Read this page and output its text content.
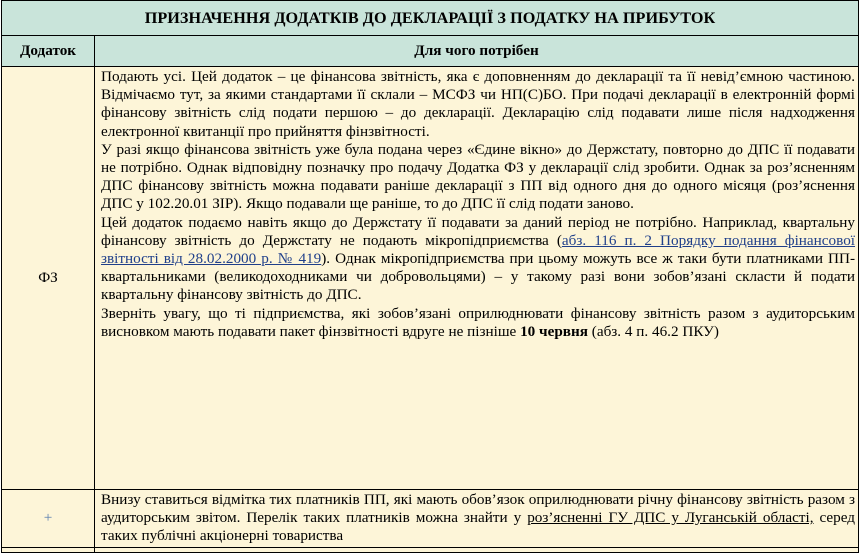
ПРИЗНАЧЕННЯ ДОДАТКІВ ДО ДЕКЛАРАЦІЇ З ПОДАТКУ НА ПРИБУТОК	
Додаток	Для чого потрібен
ФЗ	Подають усі. Цей додаток – це фінансова звітність, яка є доповненням до декларації та її невід’ємною частиною. Відмічаємо тут, за якими стандартами її склали – МСФЗ чи НП(С)БО. При подачі декларації в електронній формі фінансову звітність слід подати першою – до декларації. Декларацію слід подавати лише після надходження електронної квитанції про прийняття фінзвітності.

У разі якщо фінансова звітність уже була подана через «Єдине вікно» до Держстату, повторно до ДПС її подавати не потрібно. Однак відповідну позначку про подачу Додатка ФЗ у декларації слід зробити. Однак за роз’ясненням ДПС фінансову звітність можна подавати раніше декларації з ПП від одного дня до одного місяця (роз’яснення ДПС у 102.20.01 ЗІР). Якщо подавали ще раніше, то до ДПС її слід подати заново.

Цей додаток подаємо навіть якщо до Держстату її подавати за даний період не потрібно. Наприклад, квартальну фінансову звітність до Держстату не подають мікропідприємства (абз. 116 п. 2 Порядку подання фінансової звітності від 28.02.2000 р. № 419). Однак мікропідприємства при цьому можуть все ж таки бути платниками ПП-квартальниками (великодоходниками чи добровольцями) – у такому разі вони зобов’язані скласти й подати квартальну фінансову звітність до ДПС.

Зверніть увагу, що ті підприємства, які зобов’язані оприлюднювати фінансову звітність разом з аудиторським висновком мають подавати пакет фінзвітності вдруге не пізніше 10 червня (абз. 4 п. 46.2 ПКУ)

+	Внизу ставиться відмітка тих платників ПП, які мають обов’язок оприлюднювати річну фінансову звітність разом з аудиторським звітом. Перелік таких платників можна знайти у роз’ясненні ГУ ДПС у Луганській області, серед таких публічні акціонерні товариства
